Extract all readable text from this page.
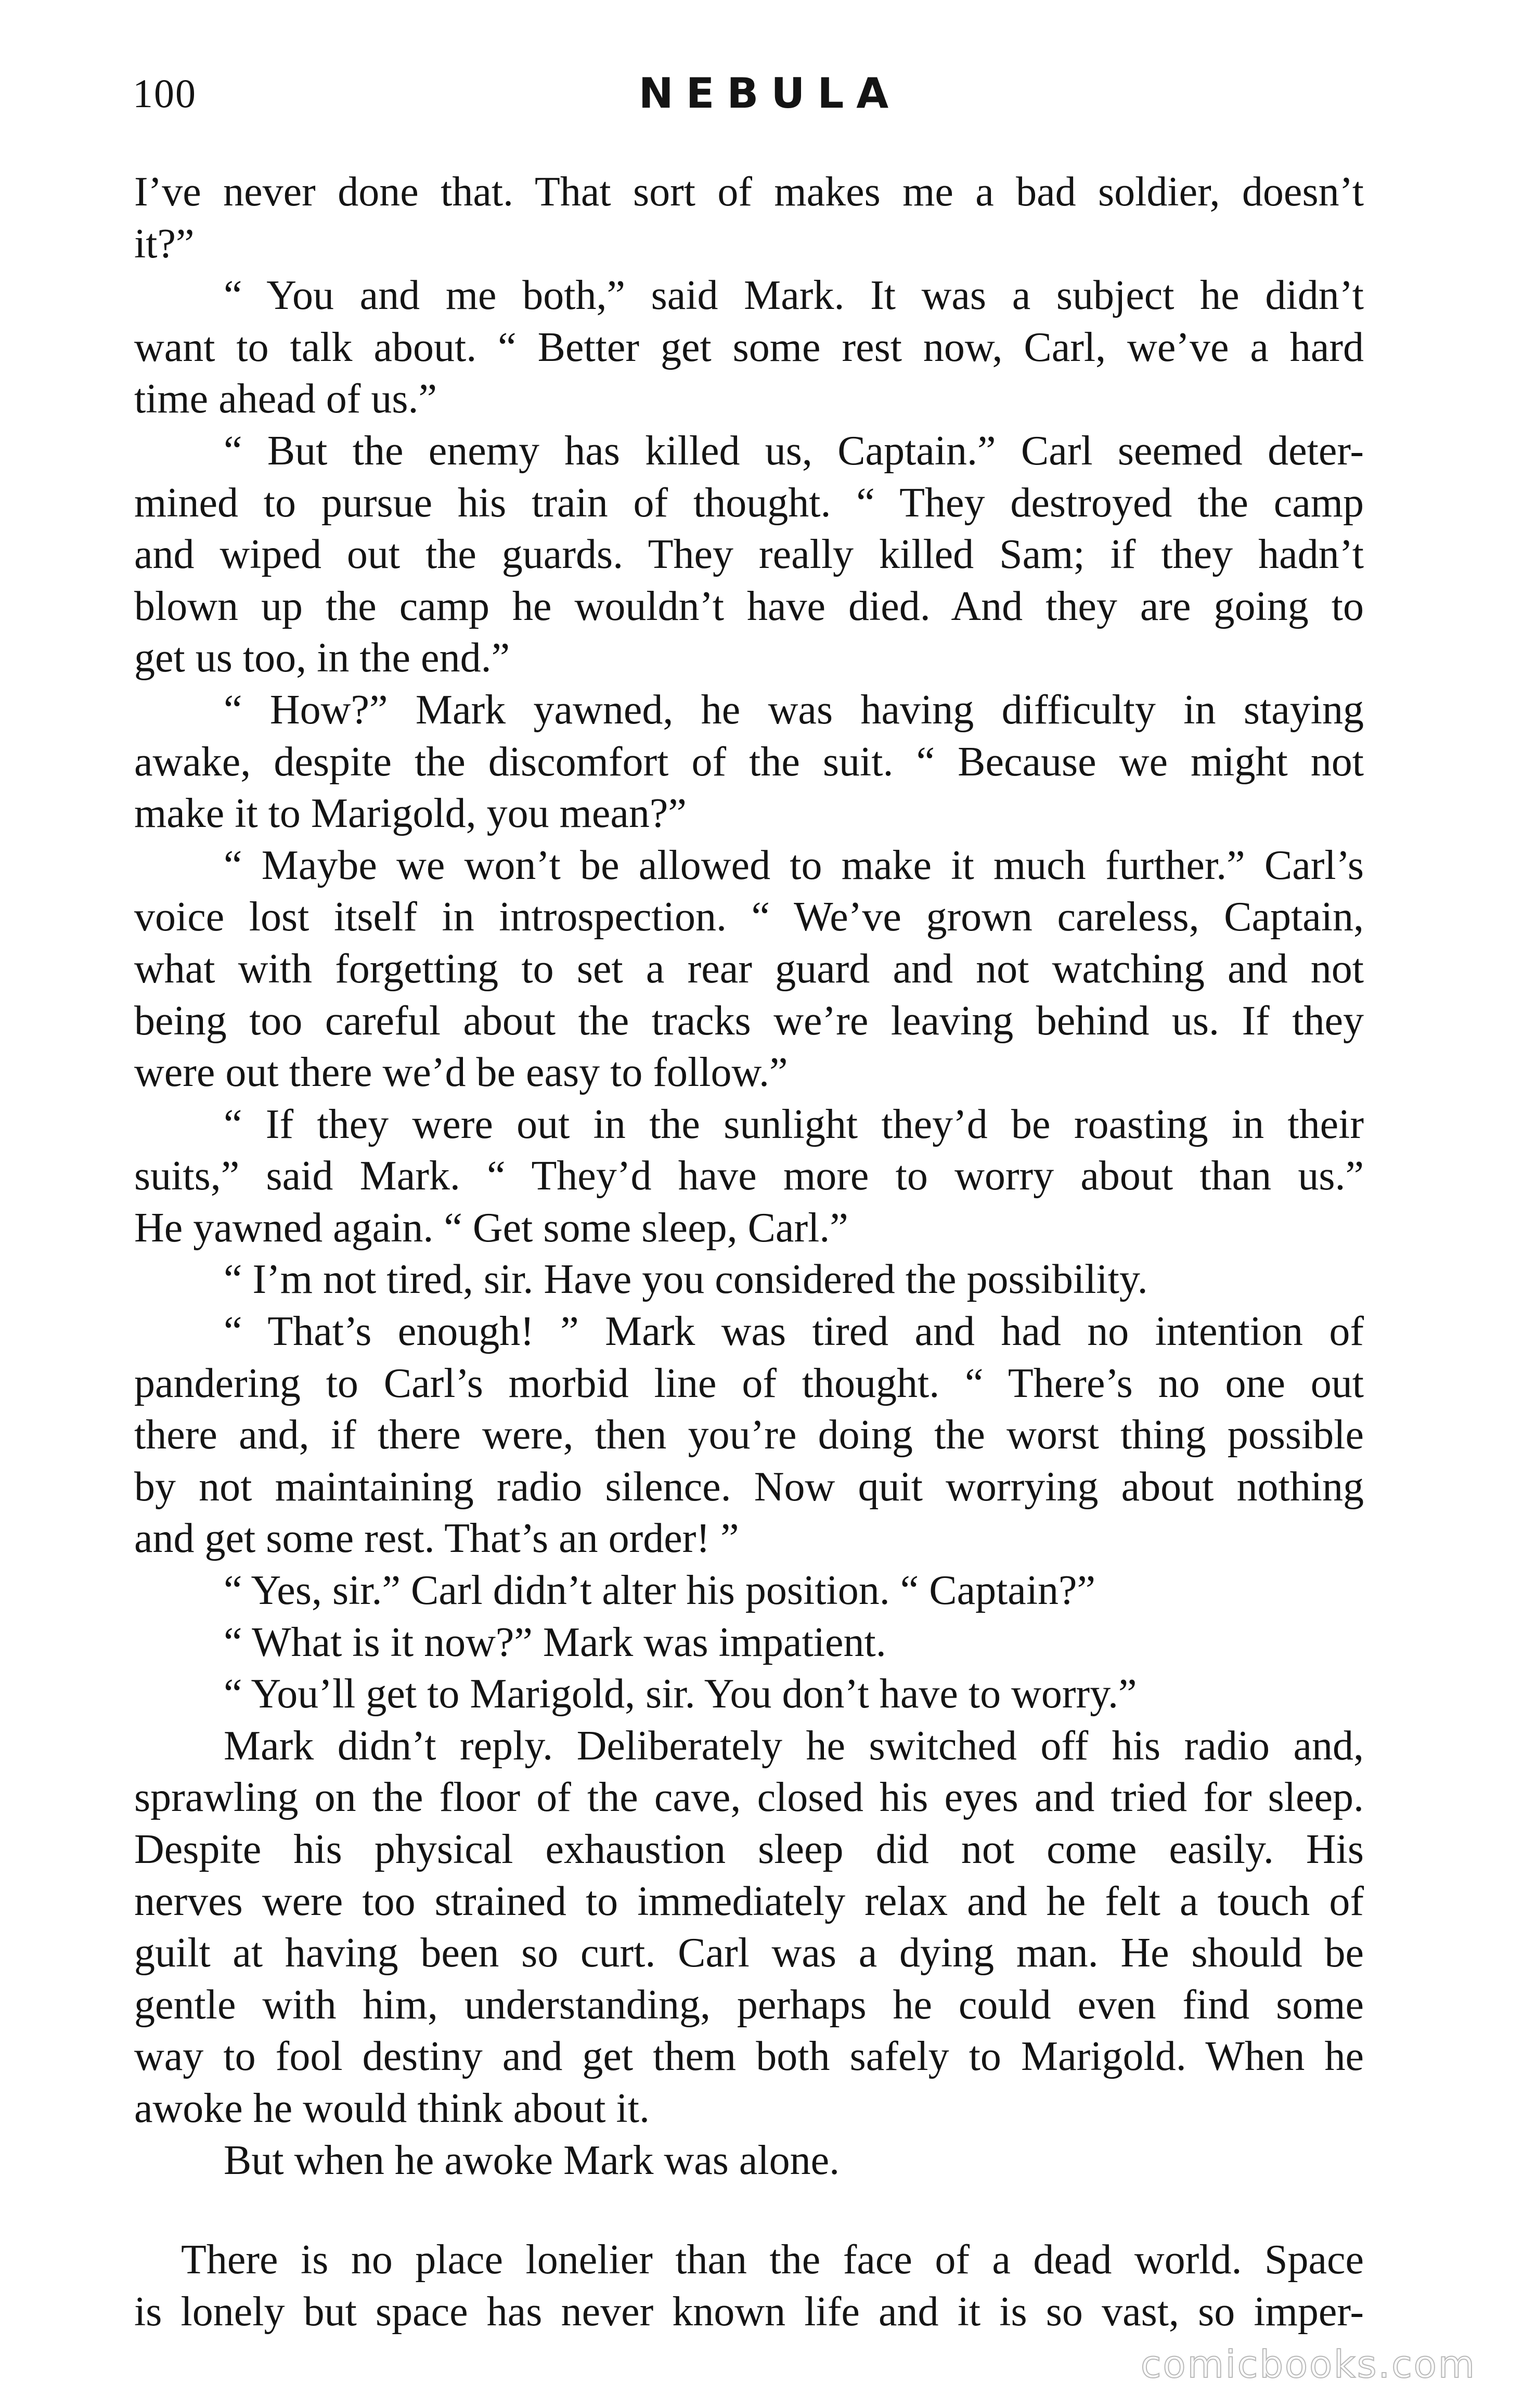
100	NEBULA
I’ve never done that. That sort of makes me a bad soldier, doesn’t
it?”
“ You and me both,” said Mark. It was a subject he didn’t
want to talk about. “ Better get some rest now, Carl, we’ve a hard
time ahead of us.”
“ But the enemy has killed us, Captain.” Carl seemed deter-
mined to pursue his train of thought. “ They destroyed the camp
and wiped out the guards. They really killed Sam; if they hadn’t
blown up the camp he wouldn’t have died. And they are going to
get us too, in the end.”
“ How?” Mark yawned, he was having difficulty in staying
awake, despite the discomfort of the suit. “ Because we might not
make it to Marigold, you mean?”
“ Maybe we won’t be allowed to make it much further.” Carl’s
voice lost itself in introspection. “ We’ve grown careless, Captain,
what with forgetting to set a rear guard and not watching and not
being too careful about the tracks we’re leaving behind us. If they
were out there we’d be easy to follow.”
“ If they were out in the sunlight they’d be roasting in their
suits,” said Mark. “ They’d have more to worry about than us.”
He yawned again. “ Get some sleep, Carl.”
“ I’m not tired, sir. Have you considered the possibility.
“ That’s enough! ” Mark was tired and had no intention of
pandering to Carl’s morbid line of thought. “ There’s no one out
there and, if there were, then you’re doing the worst thing possible
by not maintaining radio silence. Now quit worrying about nothing
and get some rest. That’s an order! ”
“ Yes, sir.” Carl didn’t alter his position. “ Captain?”
“ What is it now?” Mark was impatient.
“ You’ll get to Marigold, sir. You don’t have to worry.”
Mark didn’t reply. Deliberately he switched off his radio and,
sprawling on the floor of the cave, closed his eyes and tried for sleep.
Despite his physical exhaustion sleep did not come easily. His
nerves were too strained to immediately relax and he felt a touch of
guilt at having been so curt. Carl was a dying man. He should be
gentle with him, understanding, perhaps he could even find some
way to fool destiny and get them both safely to Marigold. When he
awoke he would think about it.
But when he awoke Mark was alone.
There is no place lonelier than the face of a dead world. Space
is lonely but space has never known life and it is so vast, so imper-
comicbooks.com
